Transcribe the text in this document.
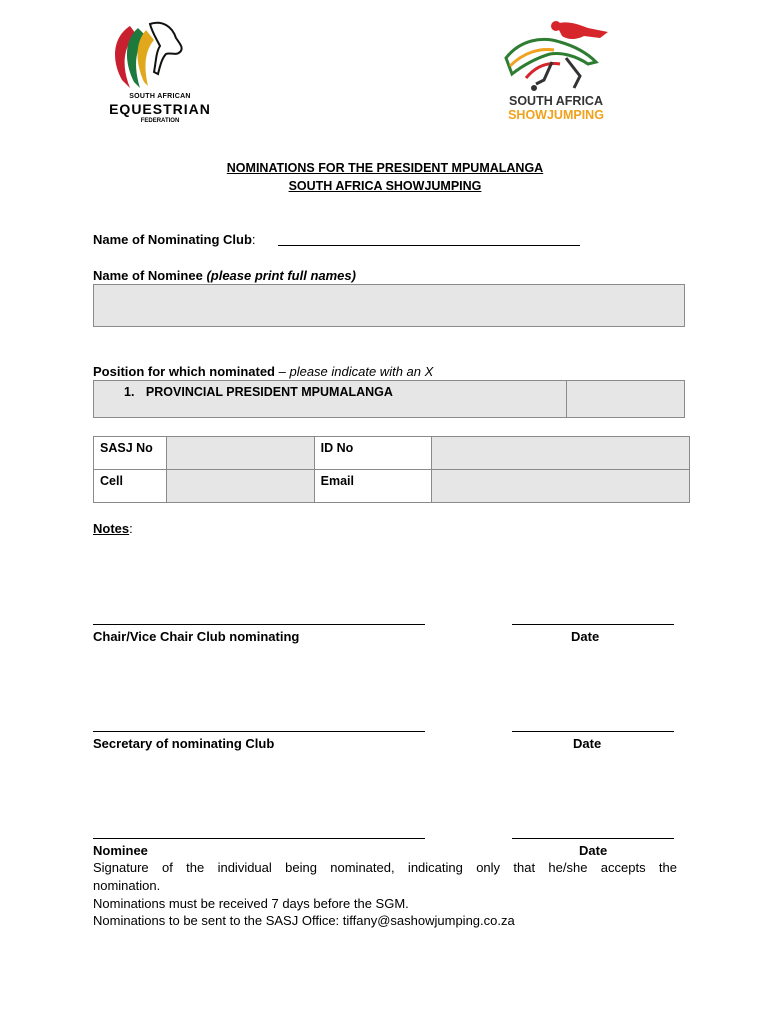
SOUTH AFRICAN
EQUESTRIAN
FEDERATION
SOUTH AFRICA
SHOWJUMPING
NOMINATIONS FOR THE PRESIDENT MPUMALANGA
SOUTH AFRICA SHOWJUMPING
Name of Nominating Club:
Name of Nominee (please print full names)
Position for which nominated – please indicate with an X
1. PROVINCIAL PRESIDENT MPUMALANGA	
SASJ No		ID No	
Cell		Email	
Notes:
Chair/Vice Chair Club nominating	Date
Secretary of nominating Club	Date
Nominee	Date
Signature of the individual being nominated, indicating only that he/she accepts the
nomination.
Nominations must be received 7 days before the SGM.
Nominations to be sent to the SASJ Office: tiffany@sashowjumping.co.za
